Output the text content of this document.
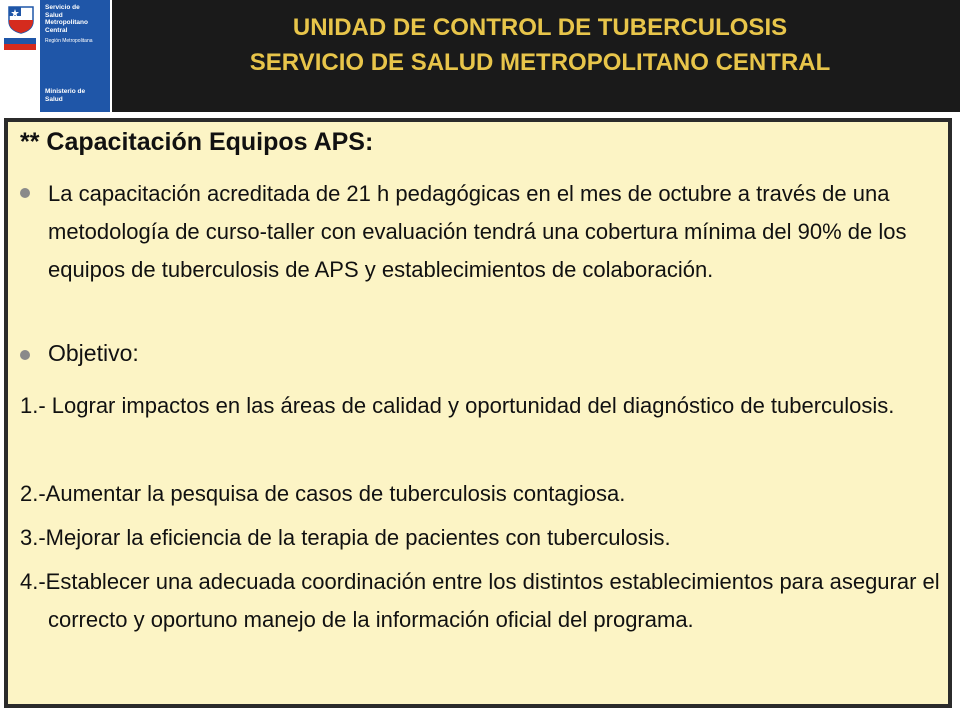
Servicio de
Salud
Metropolitano
Central
Región Metropolitana
Ministerio de
Salud
UNIDAD DE CONTROL DE TUBERCULOSIS
SERVICIO DE SALUD METROPOLITANO CENTRAL
** Capacitación Equipos APS:
La capacitación acreditada de 21 h pedagógicas en el mes de octubre a través de una metodología de curso-taller con evaluación tendrá una cobertura mínima del 90% de los equipos de tuberculosis de APS y establecimientos de colaboración.
Objetivo:
1.- Lograr impactos en las áreas de calidad y oportunidad del diagnóstico de tuberculosis.
2.-Aumentar la pesquisa de casos de tuberculosis contagiosa.
3.-Mejorar la eficiencia de la terapia de pacientes con tuberculosis.
4.-Establecer una adecuada coordinación entre los distintos establecimientos para asegurar el correcto y oportuno manejo de la información oficial del programa.
